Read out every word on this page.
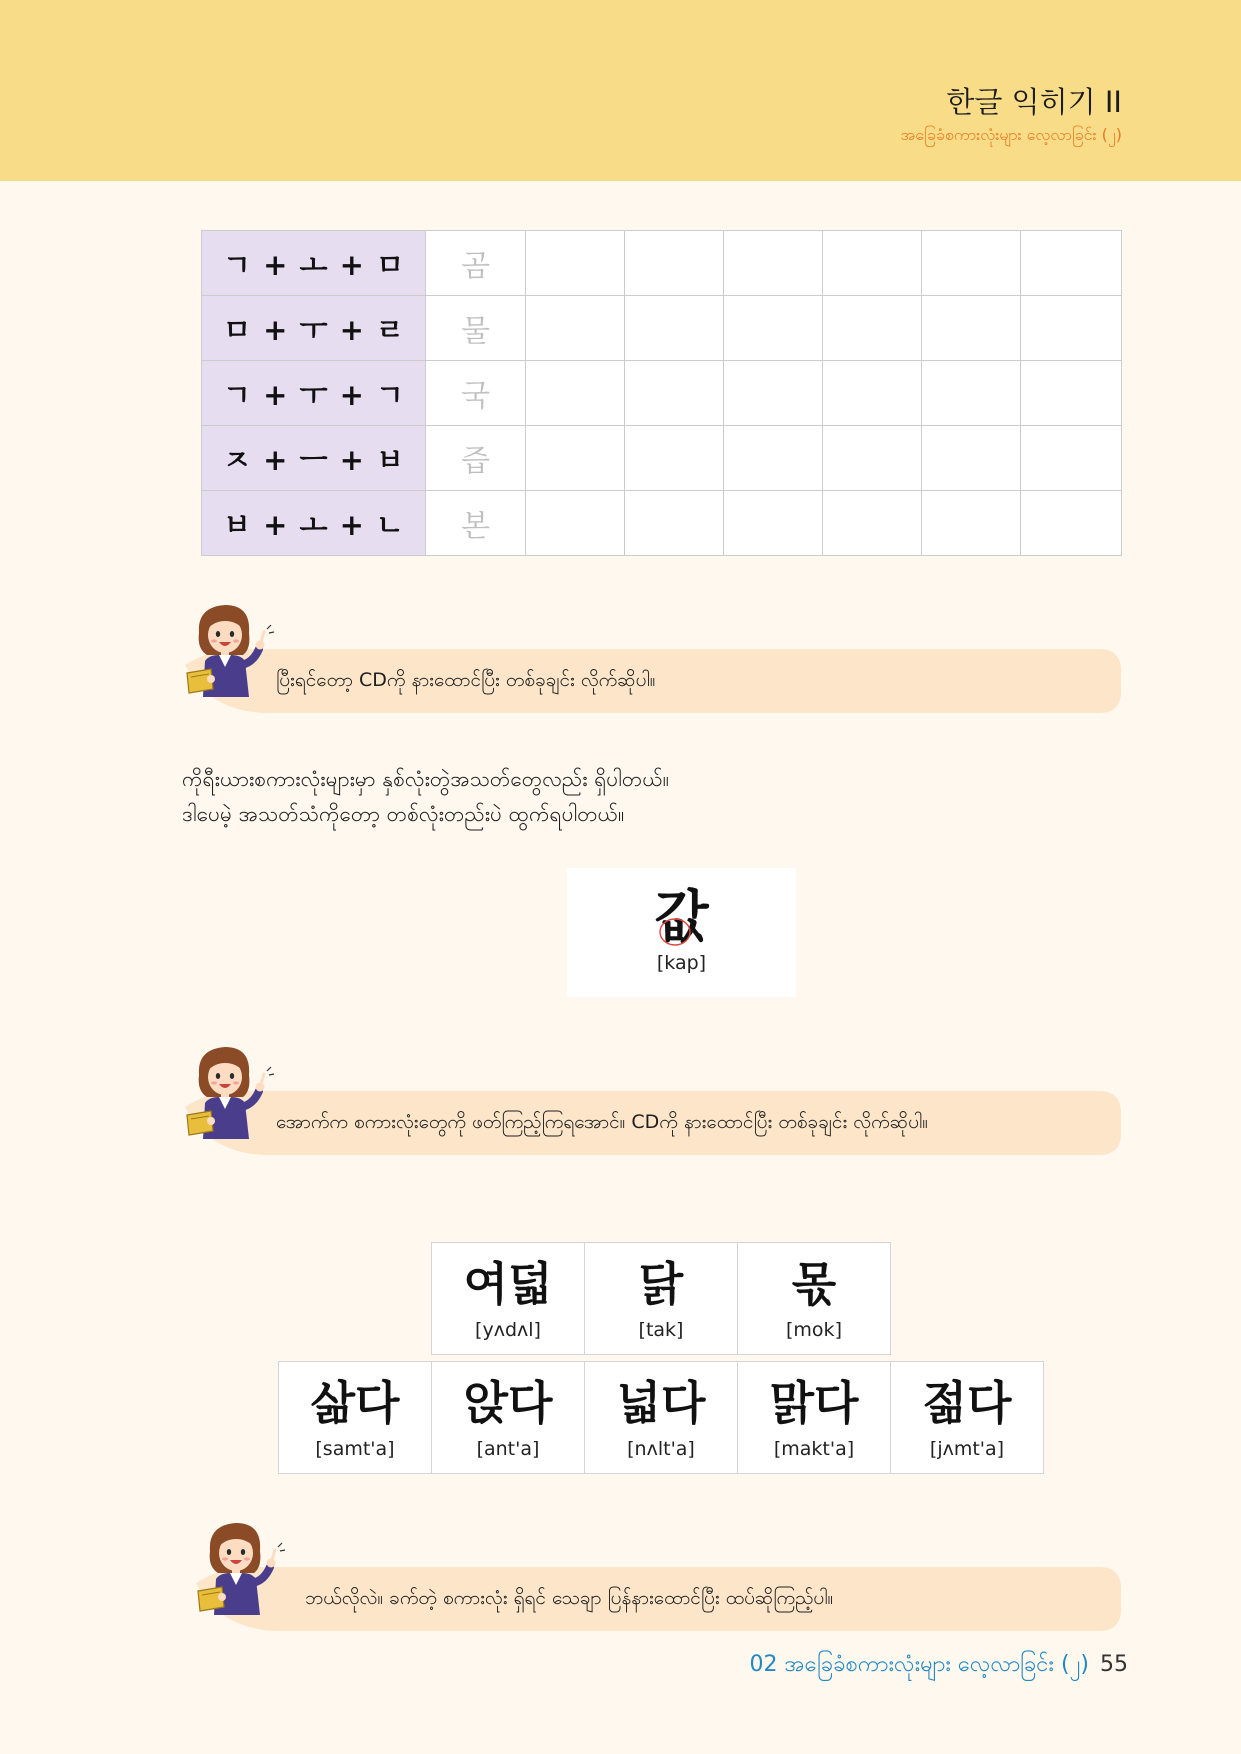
한글 익히기 II
အခြေခံစကားလုံးများ လေ့လာခြင်း (၂)
ㄱ + ㅗ + ㅁ	곰						
ㅁ + ㅜ + ㄹ	물						
ㄱ + ㅜ + ㄱ	국						
ㅈ + ㅡ + ㅂ	즙						
ㅂ + ㅗ + ㄴ	본						
ပြီးရင်တော့ CDကို နားထောင်ပြီး တစ်ခုချင်း လိုက်ဆိုပါ။
ကိုရီးယားစကားလုံးများမှာ နှစ်လုံးတွဲအသတ်တွေလည်း ရှိပါတယ်။
ဒါပေမဲ့ အသတ်သံကိုတော့ တစ်လုံးတည်းပဲ ထွက်ရပါတယ်။
값
[kap]
အောက်က စကားလုံးတွေကို ဖတ်ကြည့်ကြရအောင်။ CDကို နားထောင်ပြီး တစ်ခုချင်း လိုက်ဆိုပါ။
여덟
[yʌdʌl]
닭
[tak]
몫
[mok]
삶다
[samt'a]
앉다
[ant'a]
넓다
[nʌlt'a]
맑다
[makt'a]
젊다
[jʌmt'a]
ဘယ်လိုလဲ။ ခက်တဲ့ စကားလုံး ရှိရင် သေချာ ပြန်နားထောင်ပြီး ထပ်ဆိုကြည့်ပါ။
02 အခြေခံစကားလုံးများ လေ့လာခြင်း (၂) 55
